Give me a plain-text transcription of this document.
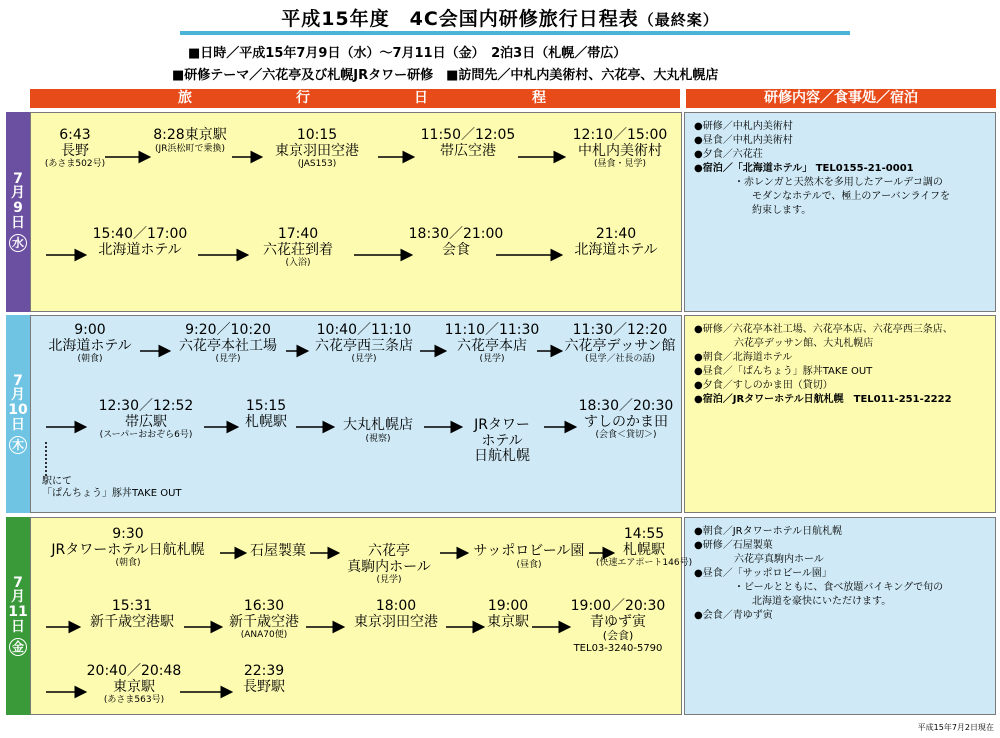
平成15年度　4C会国内研修旅行日程表（最終案）
■日時／平成15年7月9日（水）～7月11日（金）　2泊3日（札幌／帯広）
■研修テーマ／六花亭及び札幌JRタワー研修　■訪問先／中札内美術村、六花亭、大丸札幌店
旅	行	日	程	研修内容／食事処／宿泊
7
月
9
日
水
7
月
10
日
木
7
月
11
日
金
6:43
長野
(あさま502号)
8:28東京駅
(JR浜松町で乗換)
10:15
東京羽田空港
(JAS153)
11:50／12:05
帯広空港
12:10／15:00
中札内美術村
(昼食・見学)
15:40／17:00
北海道ホテル
17:40
六花荘到着
(入浴)
18:30／21:00
会食
21:40
北海道ホテル
●研修／中札内美術村
●昼食／中札内美術村
●夕食／六花荘
●宿泊／「北海道ホテル」 TEL0155-21-0001
・赤レンガと天然木を多用したアールデコ調の
モダンなホテルで、極上のアーバンライフを
約束します。
9:00
北海道ホテル
(朝食)
9:20／10:20
六花亭本社工場
(見学)
10:40／11:10
六花亭西三条店
(見学)
11:10／11:30
六花亭本店
(見学)
11:30／12:20
六花亭デッサン館
(見学／社長の話)
12:30／12:52
帯広駅
(スーパーおおぞら6号)
15:15
札幌駅	大丸札幌店
(視察)
JRタワー
ホテル
日航札幌
18:30／20:30
すしのかま田
(会食＜貸切＞)
駅にて
「ぱんちょう」豚丼TAKE OUT
●研修／六花亭本社工場、六花亭本店、六花亭西三条店、
六花亭デッサン館、大丸札幌店
●朝食／北海道ホテル
●昼食／「ぱんちょう」豚丼TAKE OUT
●夕食／すしのかま田（貸切）
●宿泊／JRタワーホテル日航札幌　TEL011-251-2222
9:30
JRタワーホテル日航札幌
(朝食)
石屋製菓	六花亭
真駒内ホール
(見学)
サッポロビール園
(昼食)
14:55
札幌駅
(快速エアポート146号)
15:31
新千歳空港駅
16:30
新千歳空港
(ANA70便)
18:00
東京羽田空港
19:00
東京駅
19:00／20:30
青ゆず寅
(会食)
TEL03-3240-5790
20:40／20:48
東京駅
(あさま563号)
22:39
長野駅
●朝食／JRタワーホテル日航札幌
●研修／石屋製菓
六花亭真駒内ホール
●昼食／「サッポロビール園」
・ビールとともに、食べ放題バイキングで旬の
北海道を豪快にいただけます。
●会食／青ゆず寅
平成15年7月2日現在
